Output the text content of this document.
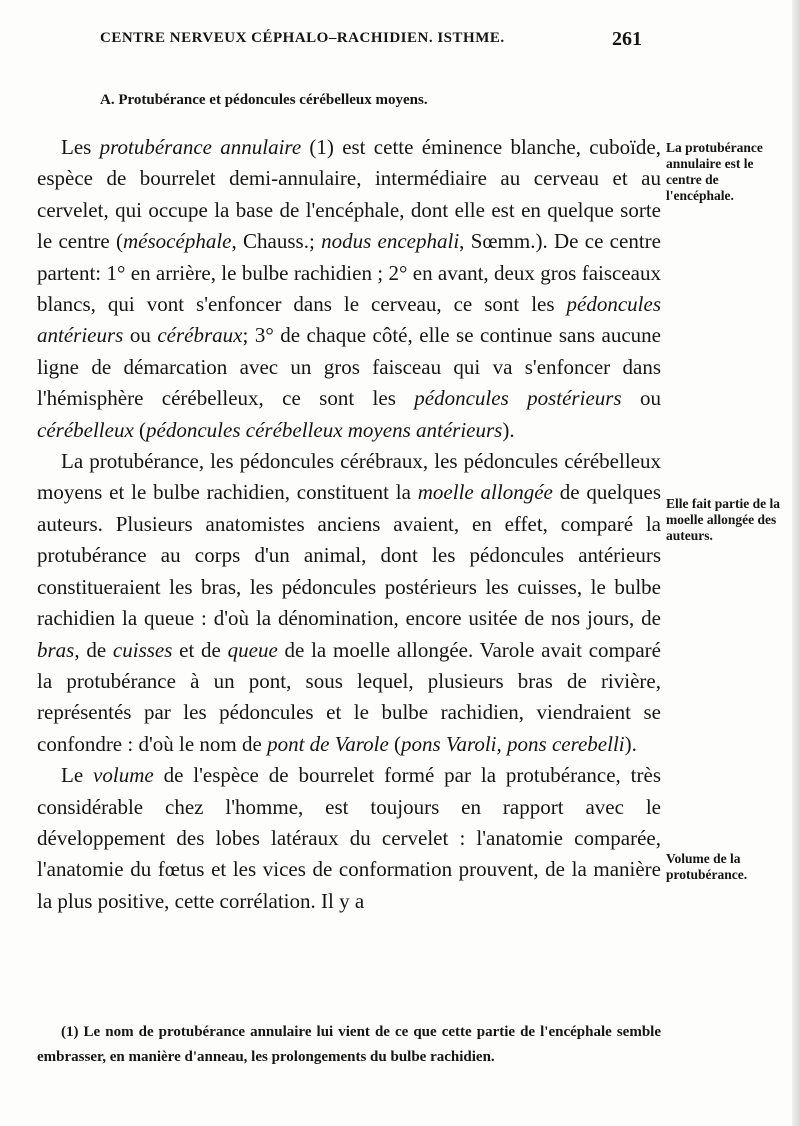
CENTRE NERVEUX CÉPHALO–RACHIDIEN. ISTHME.	261
A. Protubérance et pédoncules cérébelleux moyens.

Les protubérance annulaire (1) est cette éminence blanche, cuboïde, espèce de bourrelet demi-annulaire, intermédiaire au cerveau et au cervelet, qui occupe la base de l'encéphale, dont elle est en quelque sorte le centre (mésocéphale, Chauss.; nodus encephali, Sœmm.). De ce centre partent: 1° en arrière, le bulbe rachidien ; 2° en avant, deux gros faisceaux blancs, qui vont s'enfoncer dans le cerveau, ce sont les pédoncules antérieurs ou cérébraux; 3° de chaque côté, elle se continue sans aucune ligne de démarcation avec un gros faisceau qui va s'enfoncer dans l'hémisphère cérébelleux, ce sont les pédoncules postérieurs ou cérébelleux (pédoncules cérébelleux moyens antérieurs).

La protubérance, les pédoncules cérébraux, les pédoncules cérébelleux moyens et le bulbe rachidien, constituent la moelle allongée de quelques auteurs. Plusieurs anatomistes anciens avaient, en effet, comparé la protubérance au corps d'un animal, dont les pédoncules antérieurs constitueraient les bras, les pédoncules postérieurs les cuisses, le bulbe rachidien la queue : d'où la dénomination, encore usitée de nos jours, de bras, de cuisses et de queue de la moelle allongée. Varole avait comparé la protubérance à un pont, sous lequel, plusieurs bras de rivière, représentés par les pédoncules et le bulbe rachidien, viendraient se confondre : d'où le nom de pont de Varole (pons Varoli, pons cerebelli).

Le volume de l'espèce de bourrelet formé par la protubérance, très considérable chez l'homme, est toujours en rapport avec le développement des lobes latéraux du cervelet : l'anatomie comparée, l'anatomie du fœtus et les vices de conformation prouvent, de la manière la plus positive, cette corrélation. Il y a

La protubérance annulaire est le centre de l'encéphale.
Elle fait partie de la moelle allongée des auteurs.
Volume de la protubérance.
(1) Le nom de protubérance annulaire lui vient de ce que cette partie de l'encéphale semble embrasser, en manière d'anneau, les prolongements du bulbe rachidien.
